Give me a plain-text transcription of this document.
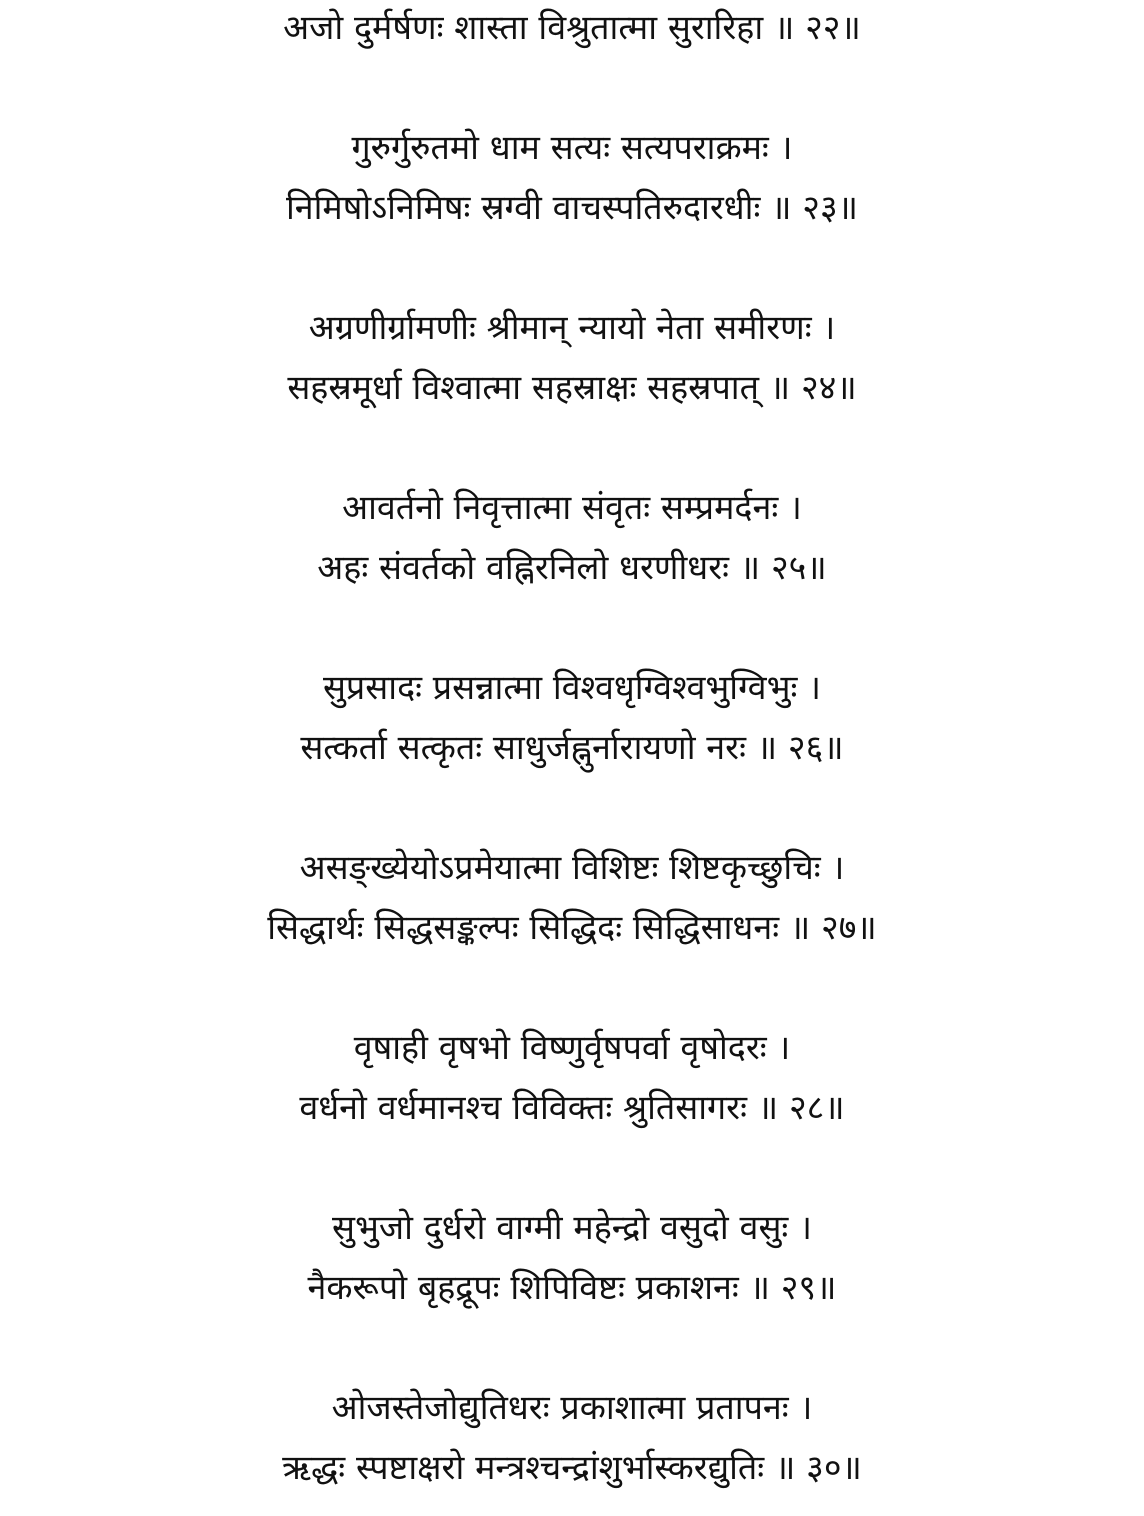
अजो दुर्मर्षणः शास्ता विश्रुतात्मा सुरारिहा ॥ २२॥
गुरुर्गुरुतमो धाम सत्यः सत्यपराक्रमः ।
निमिषोऽनिमिषः स्रग्वी वाचस्पतिरुदारधीः ॥ २३॥
अग्रणीर्ग्रामणीः श्रीमान् न्यायो नेता समीरणः ।
सहस्रमूर्धा विश्वात्मा सहस्राक्षः सहस्रपात् ॥ २४॥
आवर्तनो निवृत्तात्मा संवृतः सम्प्रमर्दनः ।
अहः संवर्तको वह्निरनिलो धरणीधरः ॥ २५॥
सुप्रसादः प्रसन्नात्मा विश्वधृग्विश्वभुग्विभुः ।
सत्कर्ता सत्कृतः साधुर्जह्नुर्नारायणो नरः ॥ २६॥
असङ्ख्येयोऽप्रमेयात्मा विशिष्टः शिष्टकृच्छुचिः ।
सिद्धार्थः सिद्धसङ्कल्पः सिद्धिदः सिद्धिसाधनः ॥ २७॥
वृषाही वृषभो विष्णुर्वृषपर्वा वृषोदरः ।
वर्धनो वर्धमानश्च विविक्तः श्रुतिसागरः ॥ २८॥
सुभुजो दुर्धरो वाग्मी महेन्द्रो वसुदो वसुः ।
नैकरूपो बृहद्रूपः शिपिविष्टः प्रकाशनः ॥ २९॥
ओजस्तेजोद्युतिधरः प्रकाशात्मा प्रतापनः ।
ऋद्धः स्पष्टाक्षरो मन्त्रश्चन्द्रांशुर्भास्करद्युतिः ॥ ३०॥
